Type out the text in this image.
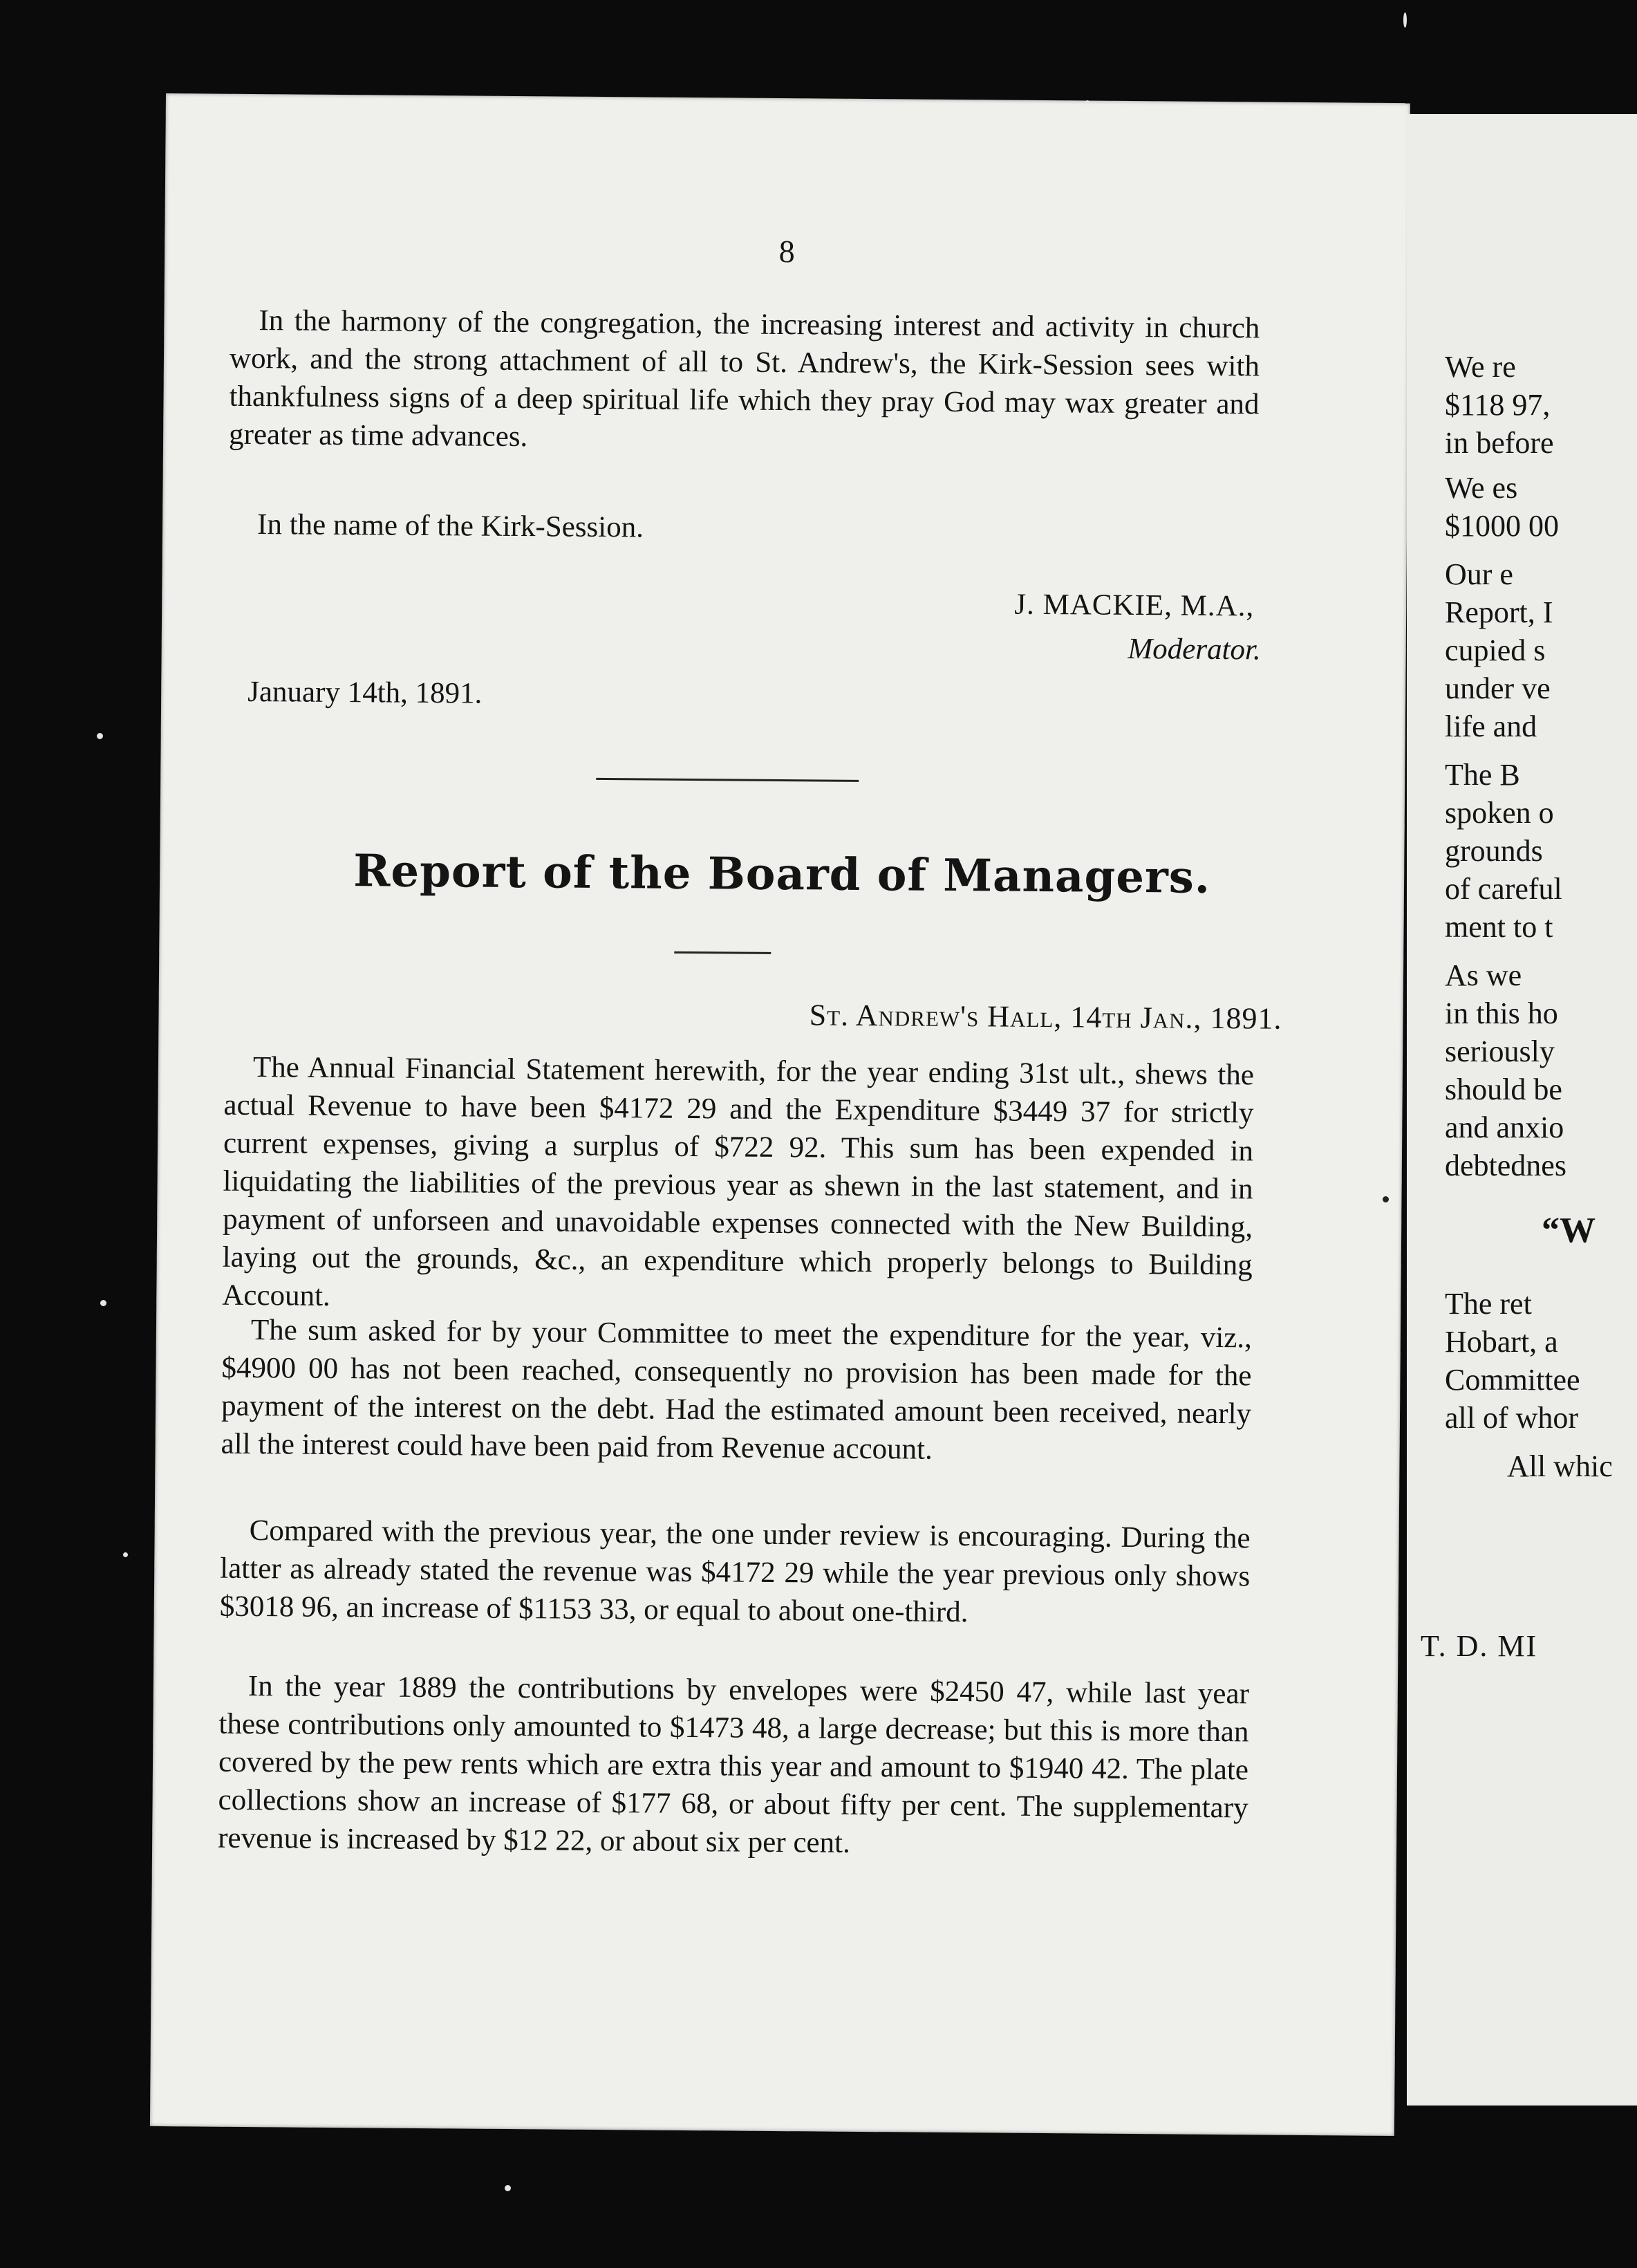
8

In the harmony of the congregation, the increasing interest and activity in church work, and the strong attachment of all to St. Andrew's, the Kirk-Session sees with thankfulness signs of a deep spiritual life which they pray God may wax greater and greater as time advances.

In the name of the Kirk-Session.

J. MACKIE, M.A.,
Moderator.
January 14th, 1891.
Report of the Board of Managers.
St. Andrew's Hall, 14th Jan., 1891.

The Annual Financial Statement herewith, for the year ending 31st ult., shews the actual Revenue to have been $4172 29 and the Expenditure $3449 37 for strictly current expenses, giving a surplus of $722 92. This sum has been expended in liquidating the liabilities of the previous year as shewn in the last statement, and in payment of unforseen and unavoidable expenses connected with the New Building, laying out the grounds, &c., an expenditure which properly belongs to Building Account.

The sum asked for by your Committee to meet the expenditure for the year, viz., $4900 00 has not been reached, consequently no provision has been made for the payment of the interest on the debt. Had the estimated amount been received, nearly all the interest could have been paid from Revenue account.

Compared with the previous year, the one under review is encouraging. During the latter as already stated the revenue was $4172 29 while the year previous only shows $3018 96, an increase of $1153 33, or equal to about one-third.

In the year 1889 the contributions by envelopes were $2450 47, while last year these contributions only amounted to $1473 48, a large decrease; but this is more than covered by the pew rents which are extra this year and amount to $1940 42. The plate collections show an increase of $177 68, or about fifty per cent. The supplementary revenue is increased by $12 22, or about six per cent.

We re
$118 97,
in before
We es
$1000 00
Our e
Report, I
cupied s
under ve
life and
The B
spoken o
grounds
of careful
ment to t
As we
in this ho
seriously
should be
and anxio
debtednes
“W
The ret
Hobart, a
Committee
all of whor
All whic
T. D. MI
